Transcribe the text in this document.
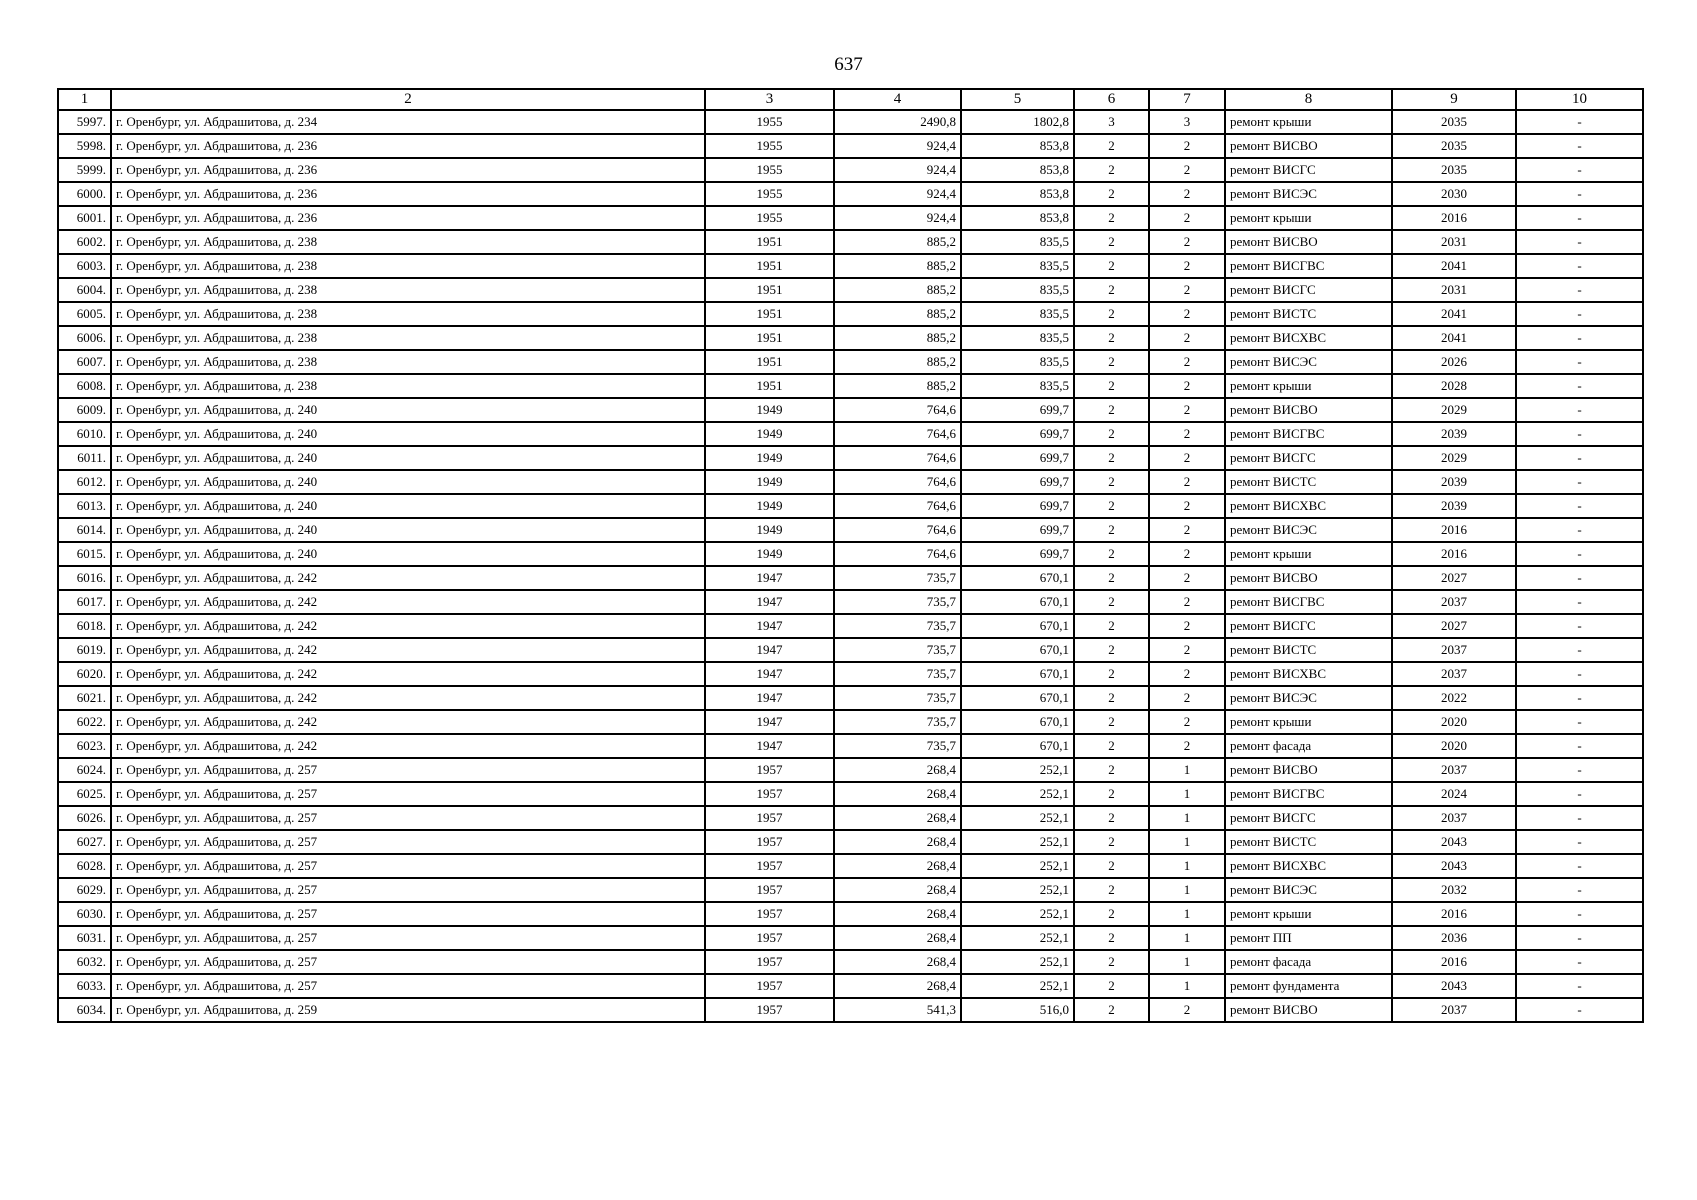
637
1	2	3	4	5	6	7	8	9	10
5997.	г. Оренбург, ул. Абдрашитова, д. 234	1955	2490,8	1802,8	3	3	ремонт крыши	2035	-
5998.	г. Оренбург, ул. Абдрашитова, д. 236	1955	924,4	853,8	2	2	ремонт ВИСВО	2035	-
5999.	г. Оренбург, ул. Абдрашитова, д. 236	1955	924,4	853,8	2	2	ремонт ВИСГС	2035	-
6000.	г. Оренбург, ул. Абдрашитова, д. 236	1955	924,4	853,8	2	2	ремонт ВИСЭС	2030	-
6001.	г. Оренбург, ул. Абдрашитова, д. 236	1955	924,4	853,8	2	2	ремонт крыши	2016	-
6002.	г. Оренбург, ул. Абдрашитова, д. 238	1951	885,2	835,5	2	2	ремонт ВИСВО	2031	-
6003.	г. Оренбург, ул. Абдрашитова, д. 238	1951	885,2	835,5	2	2	ремонт ВИСГВС	2041	-
6004.	г. Оренбург, ул. Абдрашитова, д. 238	1951	885,2	835,5	2	2	ремонт ВИСГС	2031	-
6005.	г. Оренбург, ул. Абдрашитова, д. 238	1951	885,2	835,5	2	2	ремонт ВИСТС	2041	-
6006.	г. Оренбург, ул. Абдрашитова, д. 238	1951	885,2	835,5	2	2	ремонт ВИСХВС	2041	-
6007.	г. Оренбург, ул. Абдрашитова, д. 238	1951	885,2	835,5	2	2	ремонт ВИСЭС	2026	-
6008.	г. Оренбург, ул. Абдрашитова, д. 238	1951	885,2	835,5	2	2	ремонт крыши	2028	-
6009.	г. Оренбург, ул. Абдрашитова, д. 240	1949	764,6	699,7	2	2	ремонт ВИСВО	2029	-
6010.	г. Оренбург, ул. Абдрашитова, д. 240	1949	764,6	699,7	2	2	ремонт ВИСГВС	2039	-
6011.	г. Оренбург, ул. Абдрашитова, д. 240	1949	764,6	699,7	2	2	ремонт ВИСГС	2029	-
6012.	г. Оренбург, ул. Абдрашитова, д. 240	1949	764,6	699,7	2	2	ремонт ВИСТС	2039	-
6013.	г. Оренбург, ул. Абдрашитова, д. 240	1949	764,6	699,7	2	2	ремонт ВИСХВС	2039	-
6014.	г. Оренбург, ул. Абдрашитова, д. 240	1949	764,6	699,7	2	2	ремонт ВИСЭС	2016	-
6015.	г. Оренбург, ул. Абдрашитова, д. 240	1949	764,6	699,7	2	2	ремонт крыши	2016	-
6016.	г. Оренбург, ул. Абдрашитова, д. 242	1947	735,7	670,1	2	2	ремонт ВИСВО	2027	-
6017.	г. Оренбург, ул. Абдрашитова, д. 242	1947	735,7	670,1	2	2	ремонт ВИСГВС	2037	-
6018.	г. Оренбург, ул. Абдрашитова, д. 242	1947	735,7	670,1	2	2	ремонт ВИСГС	2027	-
6019.	г. Оренбург, ул. Абдрашитова, д. 242	1947	735,7	670,1	2	2	ремонт ВИСТС	2037	-
6020.	г. Оренбург, ул. Абдрашитова, д. 242	1947	735,7	670,1	2	2	ремонт ВИСХВС	2037	-
6021.	г. Оренбург, ул. Абдрашитова, д. 242	1947	735,7	670,1	2	2	ремонт ВИСЭС	2022	-
6022.	г. Оренбург, ул. Абдрашитова, д. 242	1947	735,7	670,1	2	2	ремонт крыши	2020	-
6023.	г. Оренбург, ул. Абдрашитова, д. 242	1947	735,7	670,1	2	2	ремонт фасада	2020	-
6024.	г. Оренбург, ул. Абдрашитова, д. 257	1957	268,4	252,1	2	1	ремонт ВИСВО	2037	-
6025.	г. Оренбург, ул. Абдрашитова, д. 257	1957	268,4	252,1	2	1	ремонт ВИСГВС	2024	-
6026.	г. Оренбург, ул. Абдрашитова, д. 257	1957	268,4	252,1	2	1	ремонт ВИСГС	2037	-
6027.	г. Оренбург, ул. Абдрашитова, д. 257	1957	268,4	252,1	2	1	ремонт ВИСТС	2043	-
6028.	г. Оренбург, ул. Абдрашитова, д. 257	1957	268,4	252,1	2	1	ремонт ВИСХВС	2043	-
6029.	г. Оренбург, ул. Абдрашитова, д. 257	1957	268,4	252,1	2	1	ремонт ВИСЭС	2032	-
6030.	г. Оренбург, ул. Абдрашитова, д. 257	1957	268,4	252,1	2	1	ремонт крыши	2016	-
6031.	г. Оренбург, ул. Абдрашитова, д. 257	1957	268,4	252,1	2	1	ремонт ПП	2036	-
6032.	г. Оренбург, ул. Абдрашитова, д. 257	1957	268,4	252,1	2	1	ремонт фасада	2016	-
6033.	г. Оренбург, ул. Абдрашитова, д. 257	1957	268,4	252,1	2	1	ремонт фундамента	2043	-
6034.	г. Оренбург, ул. Абдрашитова, д. 259	1957	541,3	516,0	2	2	ремонт ВИСВО	2037	-
